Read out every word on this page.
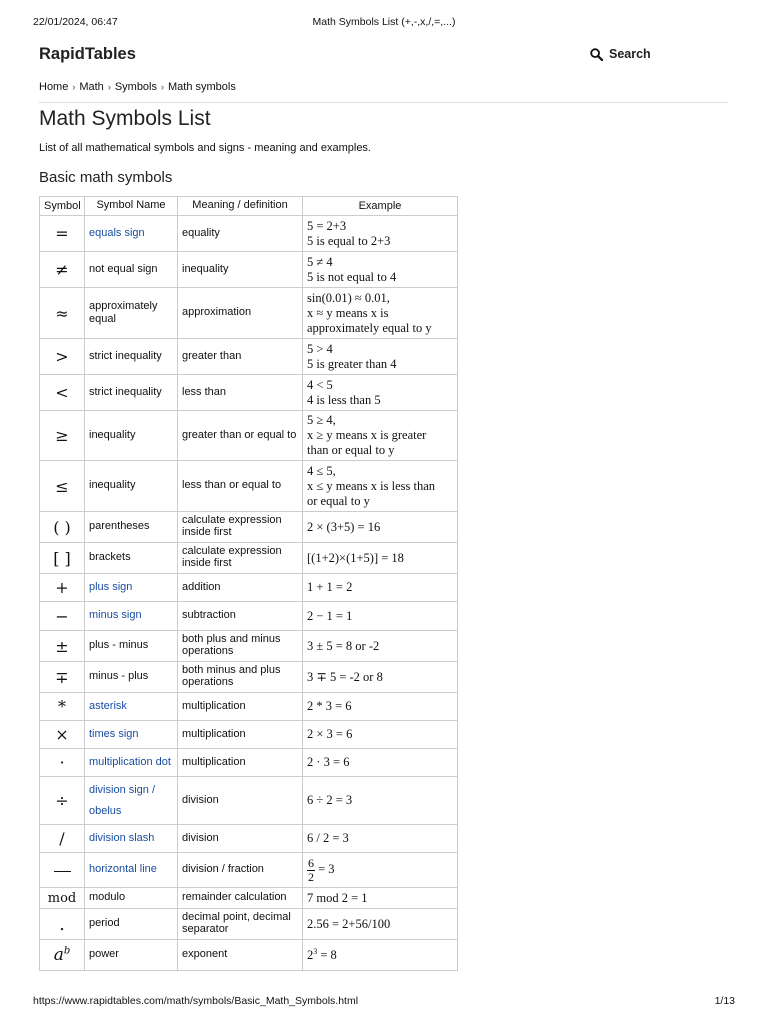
22/01/2024, 06:47	Math Symbols List (+,-,x,/,=,...)
RapidTables	Search
Home › Math › Symbols › Math symbols
Math Symbols List

List of all mathematical symbols and signs - meaning and examples.

Basic math symbols
Symbol	Symbol Name	Meaning / definition	Example
=	equals sign	equality	5 = 2+3
5 is equal to 2+3

≠	not equal sign	inequality	5 ≠ 4
5 is not equal to 4

≈	approximately equal	approximation	sin(0.01) ≈ 0.01,
x ≈ y means x is
approximately equal to y

>	strict inequality	greater than	5 > 4
5 is greater than 4

<	strict inequality	less than	4 < 5
4 is less than 5

≥	inequality	greater than or equal to	5 ≥ 4,
x ≥ y means x is greater
than or equal to y

≤	inequality	less than or equal to	4 ≤ 5,
x ≤ y means x is less than
or equal to y

( )	parentheses	calculate expression inside first	2 × (3+5) = 16

[ ]	brackets	calculate expression inside first	[(1+2)×(1+5)] = 18

+	plus sign	addition	1 + 1 = 2

−	minus sign	subtraction	2 − 1 = 1

±	plus - minus	both plus and minus operations	3 ± 5 = 8 or -2

∓	minus - plus	both minus and plus operations	3 ∓ 5 = -2 or 8

*	asterisk	multiplication	2 * 3 = 6

×	times sign	multiplication	2 × 3 = 6

·	multiplication dot	multiplication	2 · 3 = 6

÷	division sign / obelus	division	6 ÷ 2 = 3

/	division slash	division	6 / 2 = 3

	horizontal line	division / fraction	$\frac{6}{2} = 3$
mod	modulo	remainder calculation	7 mod 2 = 1

.	period	decimal point, decimal separator	2.56 = 2+56/100

$a^b$	power	exponent	$2^3 = 8$
https://www.rapidtables.com/math/symbols/Basic_Math_Symbols.html	1/13
